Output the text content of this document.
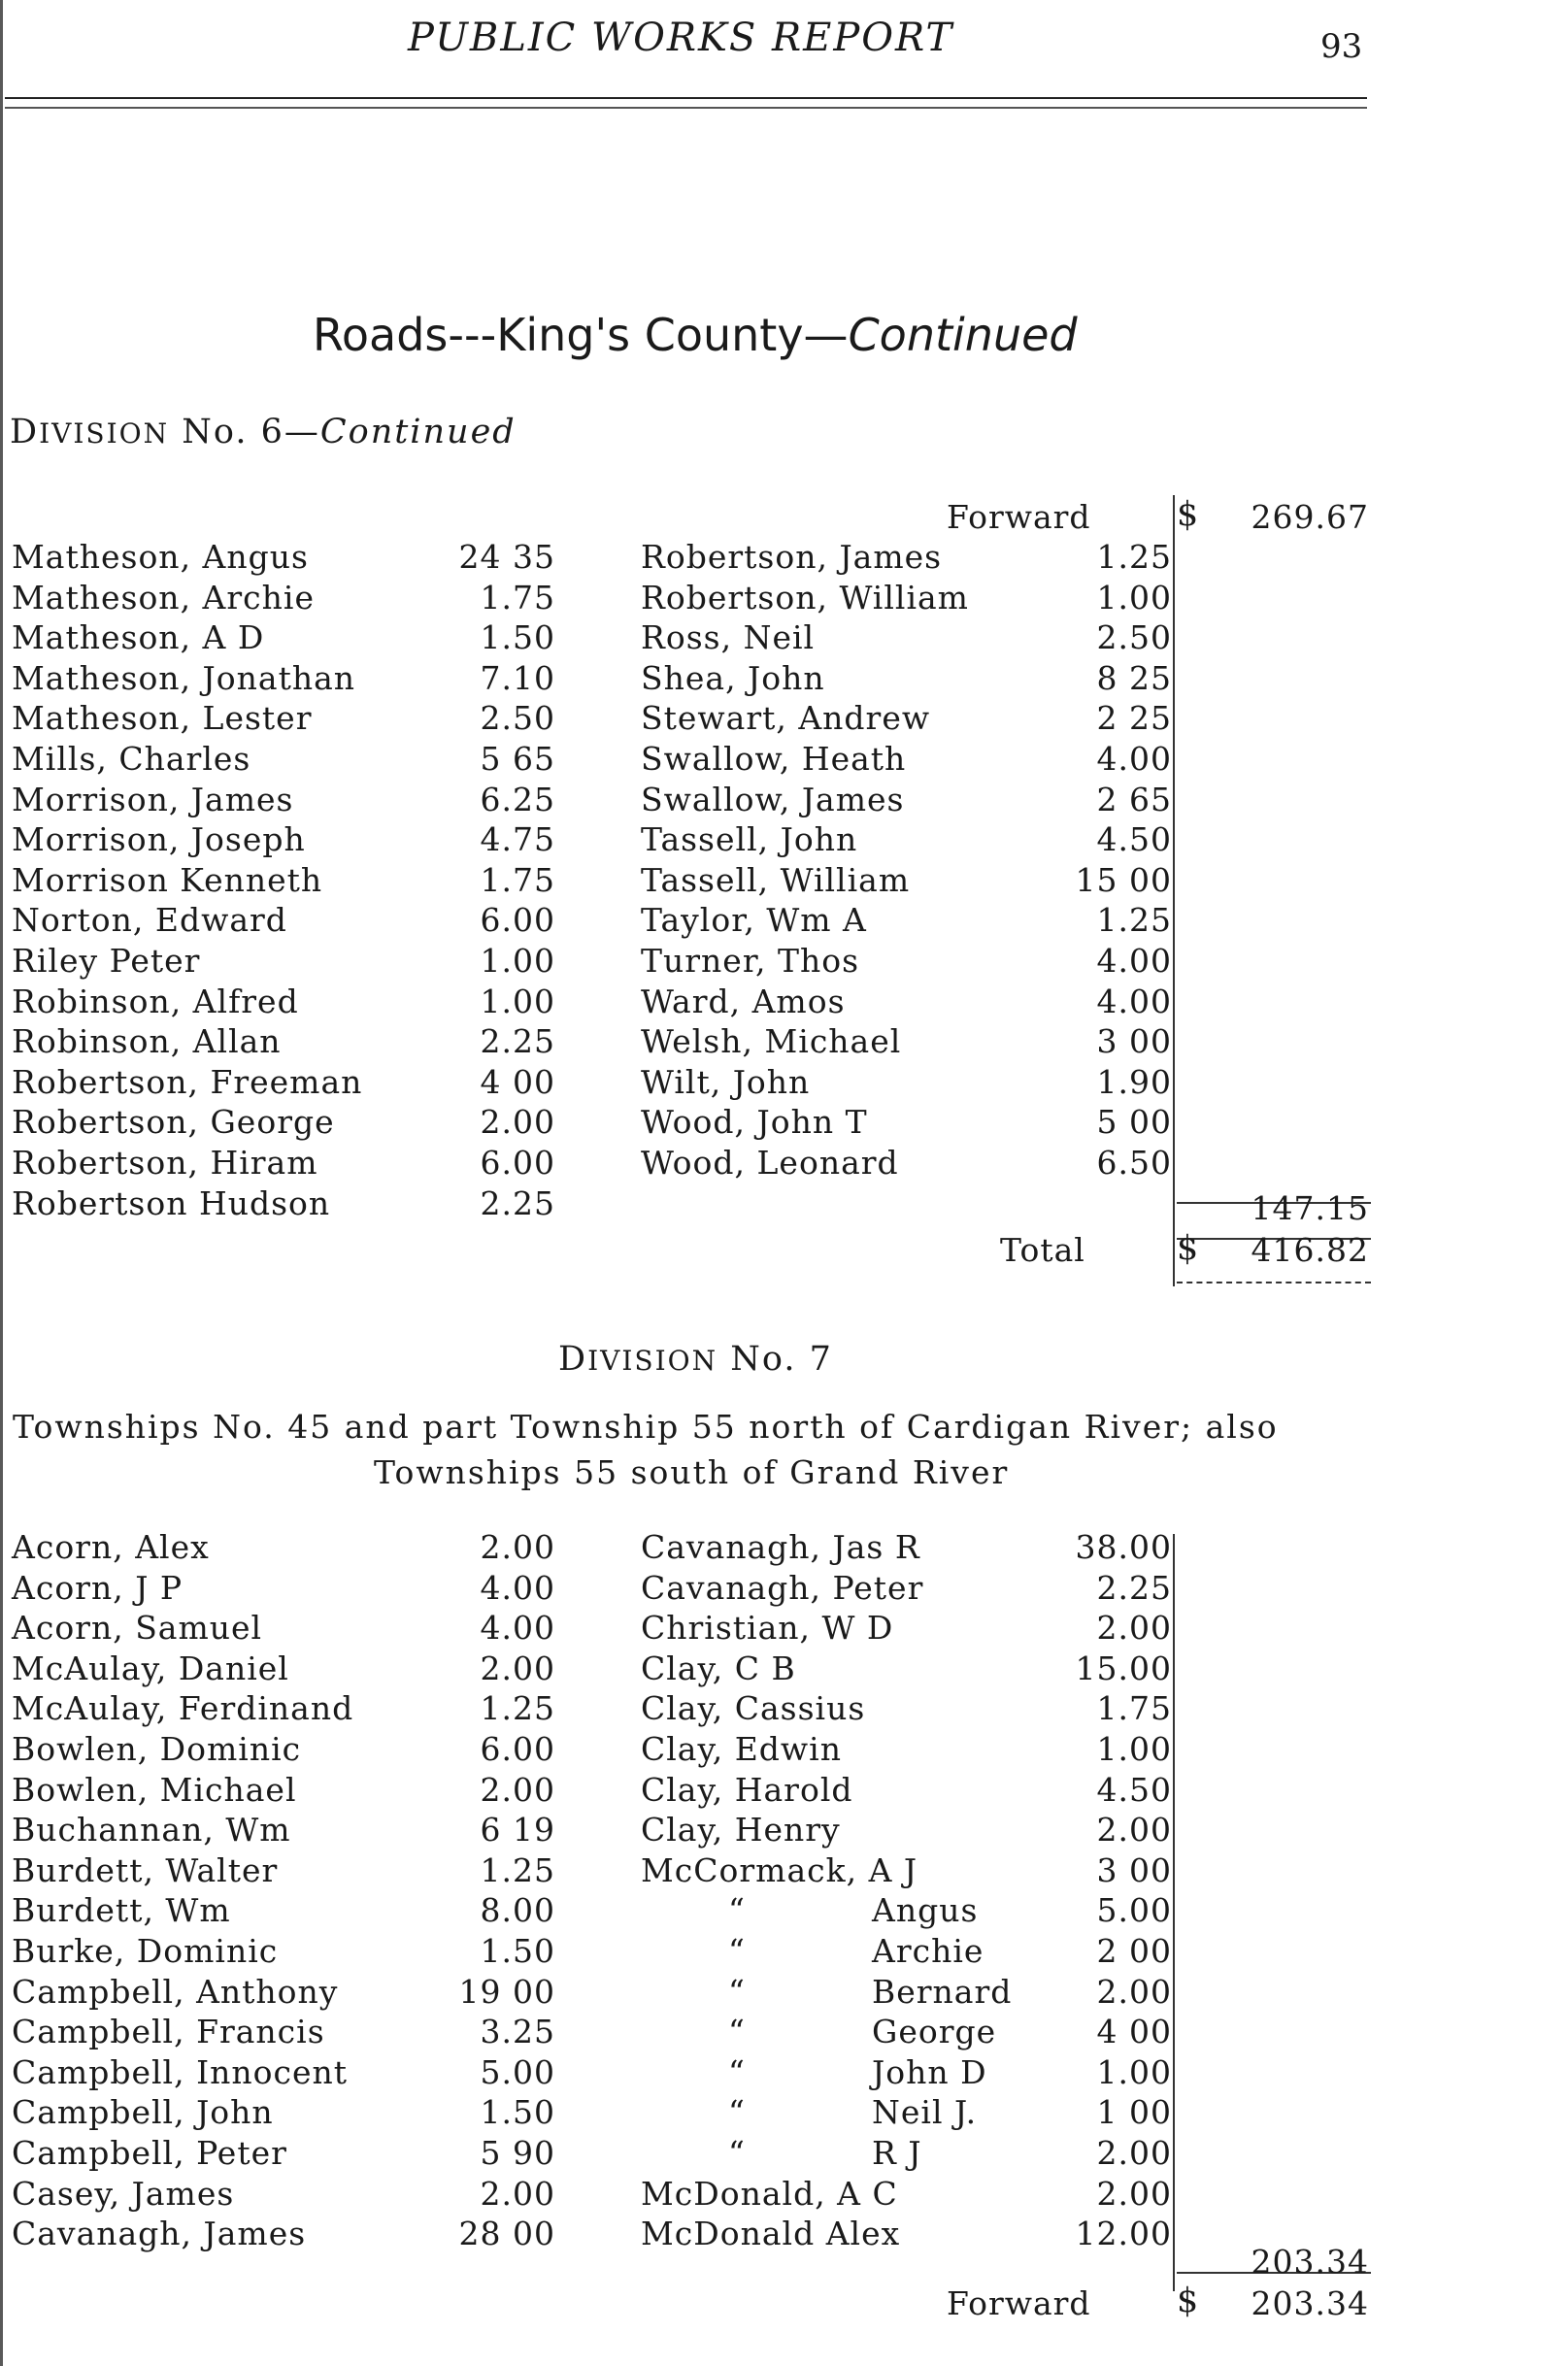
PUBLIC WORKS REPORT	93
Roads---King's County—Continued
DIVISION No. 6—Continued
Forward	$	269.67
Matheson, Angus	24 35
Matheson, Archie	1.75
Matheson, A D	1.50
Matheson, Jonathan	7.10
Matheson, Lester	2.50
Mills, Charles	5 65
Morrison, James	6.25
Morrison, Joseph	4.75
Morrison Kenneth	1.75
Norton, Edward	6.00
Riley Peter	1.00
Robinson, Alfred	1.00
Robinson, Allan	2.25
Robertson, Freeman	4 00
Robertson, George	2.00
Robertson, Hiram	6.00
Robertson Hudson	2.25
Robertson, James	1.25
Robertson, William	1.00
Ross, Neil	2.50
Shea, John	8 25
Stewart, Andrew	2 25
Swallow, Heath	4.00
Swallow, James	2 65
Tassell, John	4.50
Tassell, William	15 00
Taylor, Wm A	1.25
Turner, Thos	4.00
Ward, Amos	4.00
Welsh, Michael	3 00
Wilt, John	1.90
Wood, John T	5 00
Wood, Leonard	6.50
147.15
Total	$	416.82
DIVISION No. 7
Townships No. 45 and part Township 55 north of Cardigan River; also
Townships 55 south of Grand River
Acorn, Alex	2.00
Acorn, J P	4.00
Acorn, Samuel	4.00
McAulay, Daniel	2.00
McAulay, Ferdinand	1.25
Bowlen, Dominic	6.00
Bowlen, Michael	2.00
Buchannan, Wm	6 19
Burdett, Walter	1.25
Burdett, Wm	8.00
Burke, Dominic	1.50
Campbell, Anthony	19 00
Campbell, Francis	3.25
Campbell, Innocent	5.00
Campbell, John	1.50
Campbell, Peter	5 90
Casey, James	2.00
Cavanagh, James	28 00
Cavanagh, Jas R	38.00
Cavanagh, Peter	2.25
Christian, W D	2.00
Clay, C B	15.00
Clay, Cassius	1.75
Clay, Edwin	1.00
Clay, Harold	4.50
Clay, Henry	2.00
McCormack, A J	3 00
“	Angus	5.00
“	Archie	2 00
“	Bernard	2.00
“	George	4 00
“	John D	1.00
“	Neil J.	1 00
“	R J	2.00
McDonald, A C	2.00
McDonald Alex	12.00
203.34
Forward	$	203.34
